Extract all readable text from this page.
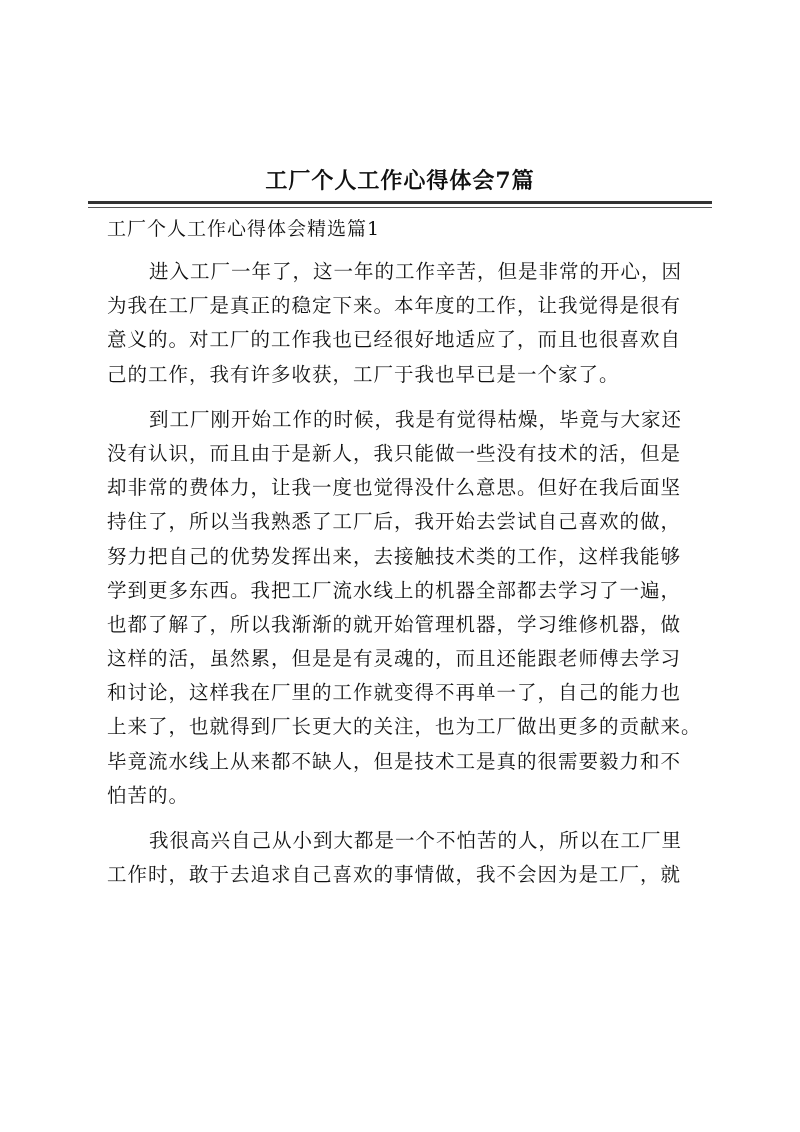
工厂个人工作心得体会7篇
工厂个人工作心得体会精选篇1
进入工厂一年了，这一年的工作辛苦，但是非常的开心，因
为我在工厂是真正的稳定下来。本年度的工作，让我觉得是很有
意义的。对工厂的工作我也已经很好地适应了，而且也很喜欢自
己的工作，我有许多收获，工厂于我也早已是一个家了。
到工厂刚开始工作的时候，我是有觉得枯燥，毕竟与大家还
没有认识，而且由于是新人，我只能做一些没有技术的活，但是
却非常的费体力，让我一度也觉得没什么意思。但好在我后面坚
持住了，所以当我熟悉了工厂后，我开始去尝试自己喜欢的做，
努力把自己的优势发挥出来，去接触技术类的工作，这样我能够
学到更多东西。我把工厂流水线上的机器全部都去学习了一遍，
也都了解了，所以我渐渐的就开始管理机器，学习维修机器，做
这样的活，虽然累，但是是有灵魂的，而且还能跟老师傅去学习
和讨论，这样我在厂里的工作就变得不再单一了，自己的能力也
上来了，也就得到厂长更大的关注，也为工厂做出更多的贡献来。
毕竟流水线上从来都不缺人，但是技术工是真的很需要毅力和不
怕苦的。
我很高兴自己从小到大都是一个不怕苦的人，所以在工厂里
工作时，敢于去追求自己喜欢的事情做，我不会因为是工厂，就
